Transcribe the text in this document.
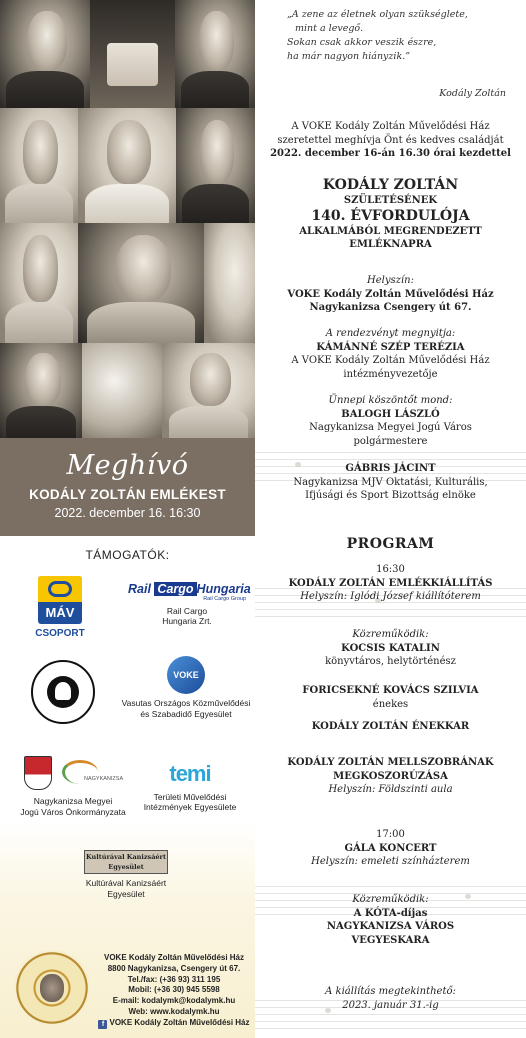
Meghívó
KODÁLY ZOLTÁN EMLÉKEST
2022. december 16. 16:30
TÁMOGATÓK:
MÁV
CSOPORT
Rail Cargo Hungaria
Rail Cargo Group
Rail Cargo
Hungaria Zrt.
VOKE
Vasutas Országos Közművelődési
és Szabadidő Egyesület
NAGYKANIZSA
Nagykanizsa Megyei
Jogú Város Önkormányzata
temi
Területi Művelődési
Intézmények Egyesülete
Kultúrával Kanizsáért
Egyesület
Kultúrával Kanizsáért
Egyesület
VOKE Kodály Zoltán Művelődési Ház
8800 Nagykanizsa, Csengery út 67.
Tel./fax: (+36 93) 311 195
Mobil: (+36 30) 945 5598
E-mail: kodalymk@kodalymk.hu
Web: www.kodalymk.hu
f VOKE Kodály Zoltán Művelődési Ház
„A zene az életnek olyan szükséglete,
mint a levegő.
Sokan csak akkor veszik észre,
ha már nagyon hiányzik.”
Kodály Zoltán
A VOKE Kodály Zoltán Művelődési Ház
szeretettel meghívja Önt és kedves családját
2022. december 16-án 16.30 órai kezdettel
KODÁLY ZOLTÁN
SZÜLETÉSÉNEK
140. ÉVFORDULÓJA
ALKALMÁBÓL MEGRENDEZETT
EMLÉKNAPRA
Helyszín:
VOKE Kodály Zoltán Művelődési Ház
Nagykanizsa Csengery út 67.
A rendezvényt megnyitja:
KÁMÁNNÉ SZÉP TERÉZIA
A VOKE Kodály Zoltán Művelődési Ház
intézményvezetője
Ünnepi köszöntőt mond:
BALOGH LÁSZLÓ
Nagykanizsa Megyei Jogú Város
polgármestere
GÁBRIS JÁCINT
Nagykanizsa MJV Oktatási, Kulturális,
Ifjúsági és Sport Bizottság elnöke
PROGRAM
16:30
KODÁLY ZOLTÁN EMLÉKKIÁLLÍTÁS
Helyszín: Iglódi József kiállítóterem
Közreműködik:
KOCSIS KATALIN
könyvtáros, helytörténész
FORICSEKNÉ KOVÁCS SZILVIA
énekes
KODÁLY ZOLTÁN ÉNEKKAR
KODÁLY ZOLTÁN MELLSZOBRÁNAK
MEGKOSZORÚZÁSA
Helyszín: Földszinti aula
17:00
GÁLA KONCERT
Helyszín: emeleti színházterem
Közreműködik:
A KÓTA-díjas
NAGYKANIZSA VÁROS
VEGYESKARA
A kiállítás megtekinthető:
2023. január 31.-ig
